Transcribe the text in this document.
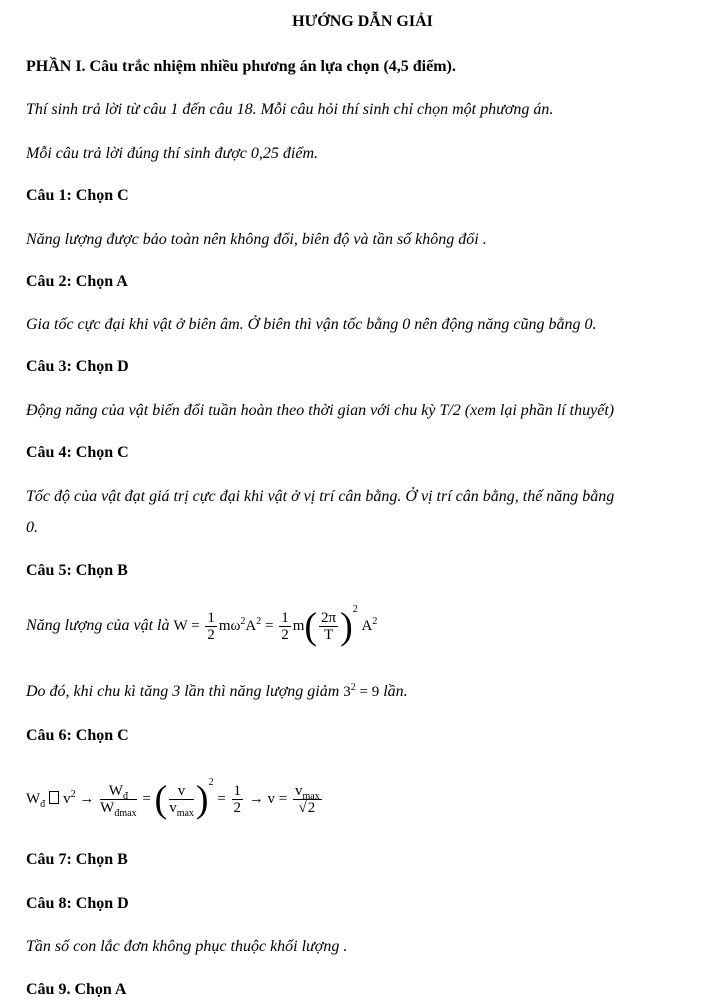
HƯỚNG DẪN GIẢI
PHẦN I. Câu trắc nhiệm nhiều phương án lựa chọn (4,5 điểm).
Thí sinh trả lời từ câu 1 đến câu 18. Mỗi câu hỏi thí sinh chỉ chọn một phương án.
Mỗi câu trả lời đúng thí sinh được 0,25 điểm.
Câu 1: Chọn C
Năng lượng được bảo toàn nên không đổi, biên độ và tần số không đổi .
Câu 2: Chọn A
Gia tốc cực đại khi vật ở biên âm. Ở biên thì vận tốc bằng 0 nên động năng cũng bằng 0.
Câu 3: Chọn D
Động năng của vật biến đổi tuần hoàn theo thời gian với chu kỳ T/2 (xem lại phần lí thuyết)
Câu 4: Chọn C
Tốc độ của vật đạt giá trị cực đại khi vật ở vị trí cân bằng. Ở vị trí cân bằng, thế năng bằng
0.
Câu 5: Chọn B
Năng lượng của vật là $W = \frac{1}{2} m\omega^2A^2 = \frac{1}{2} m( \frac{2\pi}{T} )^2$ $A^2$
Do đó, khi chu kì tăng 3 lần thì năng lượng giảm $3^2 = 9$ lần.
Câu 6: Chọn C
$W_đ$ $v^2 \to W_đ$
$W_{đmax}$
= ( v
$v_{max}$ )$^2 = \frac{1}{2} \to v = v_{max}$
√2
Câu 7: Chọn B
Câu 8: Chọn D
Tần số con lắc đơn không phục thuộc khối lượng .
Câu 9. Chọn A
